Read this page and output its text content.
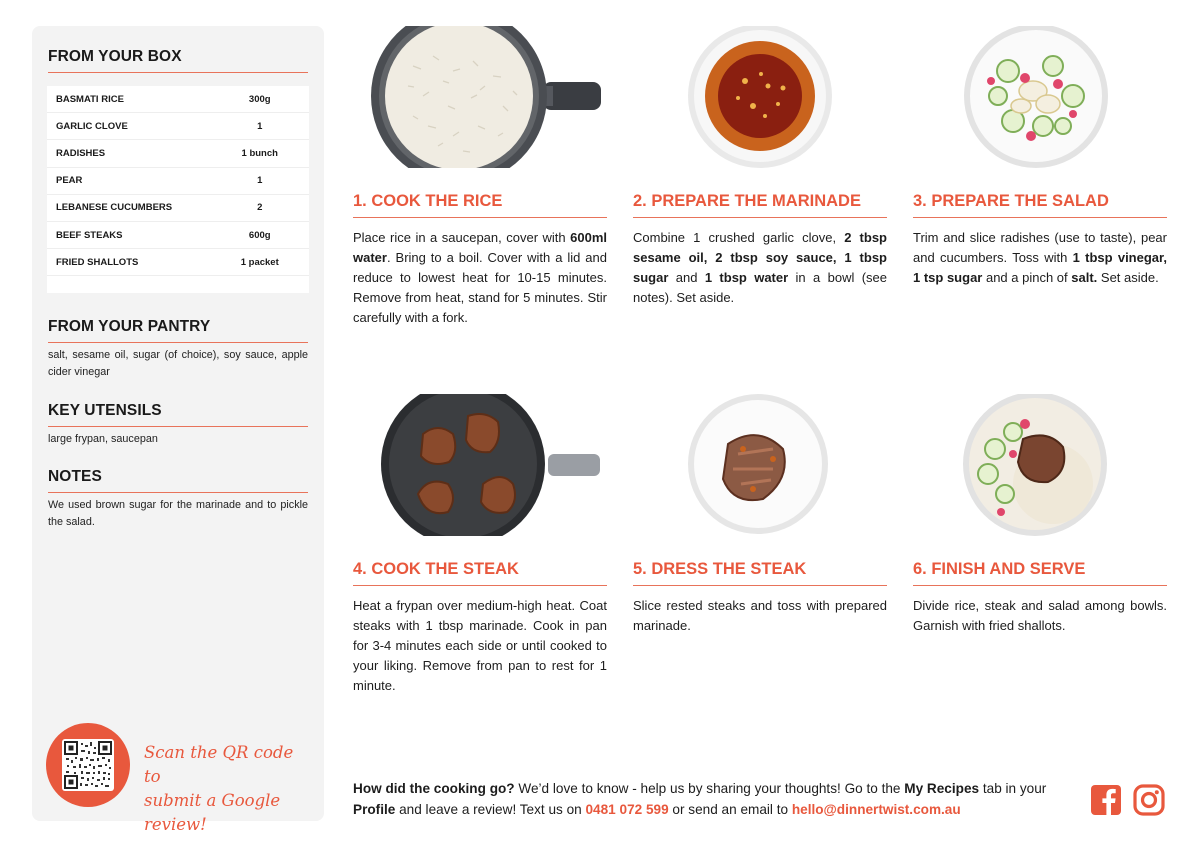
FROM YOUR BOX
BASMATI RICE	300g
GARLIC CLOVE	1
RADISHES	1 bunch
PEAR	1
LEBANESE CUCUMBERS	2
BEEF STEAKS	600g
FRIED SHALLOTS	1 packet
FROM YOUR PANTRY
salt, sesame oil, sugar (of choice), soy sauce, apple cider vinegar
KEY UTENSILS
large frypan, saucepan
NOTES
We used brown sugar for the marinade and to pickle the salad.
Scan the QR code to
submit a Google review!
1. COOK THE RICE
Place rice in a saucepan, cover with 600ml water. Bring to a boil. Cover with a lid and reduce to lowest heat for 10-15 minutes. Remove from heat, stand for 5 minutes. Stir carefully with a fork.
2. PREPARE THE MARINADE
Combine 1 crushed garlic clove, 2 tbsp sesame oil, 2 tbsp soy sauce, 1 tbsp sugar and 1 tbsp water in a bowl (see notes). Set aside.
3. PREPARE THE SALAD
Trim and slice radishes (use to taste), pear and cucumbers. Toss with 1 tbsp vinegar, 1 tsp sugar and a pinch of salt. Set aside.
4. COOK THE STEAK
Heat a frypan over medium-high heat. Coat steaks with 1 tbsp marinade. Cook in pan for 3-4 minutes each side or until cooked to your liking. Remove from pan to rest for 1 minute.
5. DRESS THE STEAK
Slice rested steaks and toss with prepared marinade.
6. FINISH AND SERVE
Divide rice, steak and salad among bowls. Garnish with fried shallots.
How did the cooking go? We’d love to know - help us by sharing your thoughts! Go to the My Recipes tab in your Profile and leave a review! Text us on 0481 072 599 or send an email to hello@dinnertwist.com.au
